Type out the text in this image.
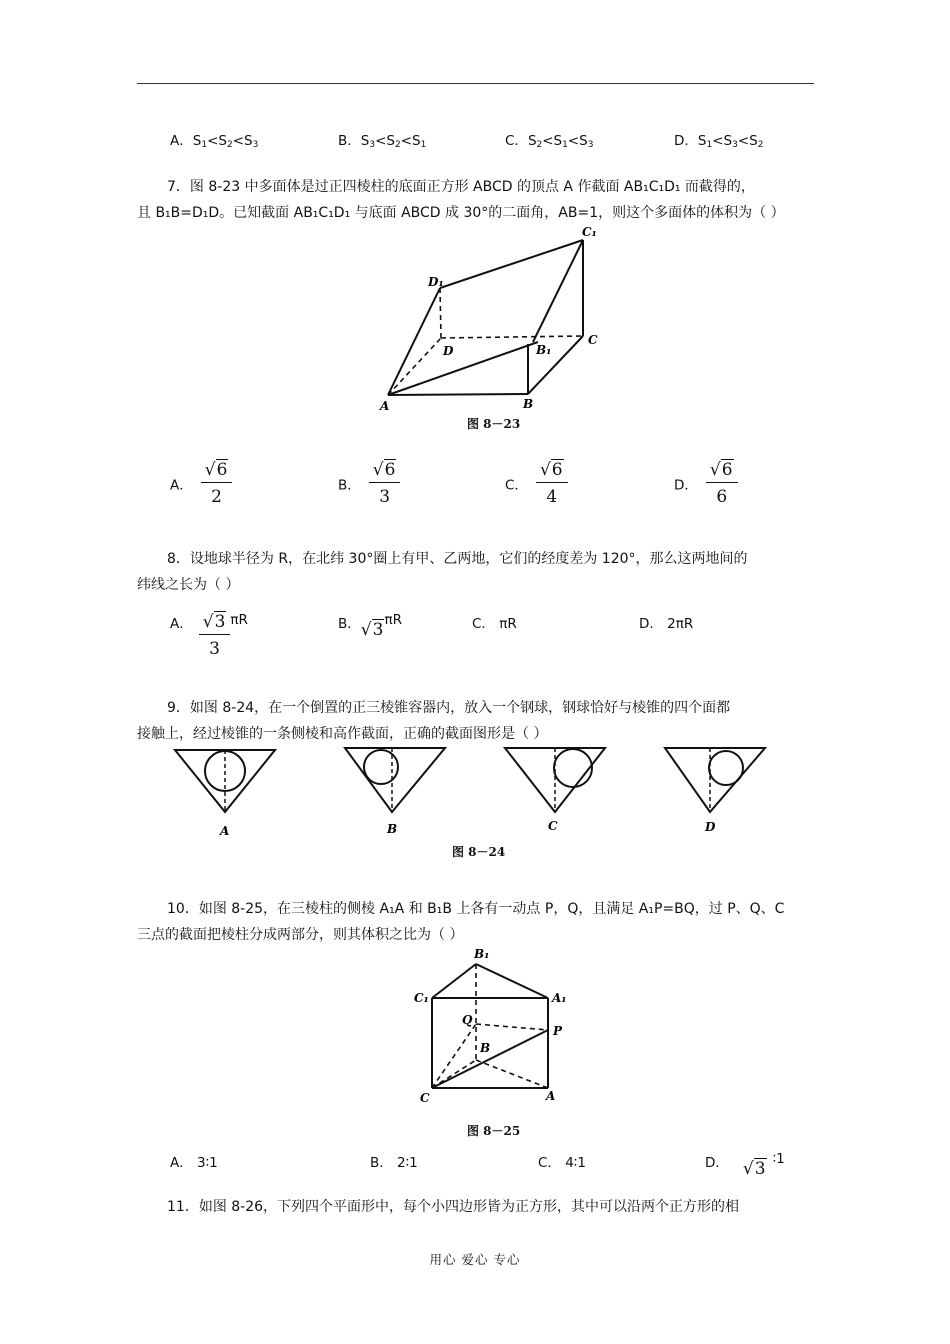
A．$S_1<S_2<S_3$	B．$S_3<S_2<S_1$	C．$S_2<S_1<S_3$	D．$S_1<S_3<S_2$
7．图 8-23 中多面体是过正四棱柱的底面正方形 ABCD 的顶点 A 作截面 AB₁C₁D₁ 而截得的，
且 B₁B=D₁D。已知截面 AB₁C₁D₁ 与底面 ABCD 成 30°的二面角，AB=1，则这个多面体的体积为（ ）
A	B
C
D	B₁
C₁
D₁
图 8－23
A． $\frac{√6}{2}$	B． $\frac{√6}{3}$	C． $\frac{√6}{4}$	D． $\frac{√6}{6}$
8．设地球半径为 R，在北纬 30°圈上有甲、乙两地，它们的经度差为 120°，那么这两地间的
纬线之长为（ ）
A． $\frac{√3}{3}$ πR	B．√3πR	C． πR	D． 2πR
9．如图 8-24，在一个倒置的正三棱锥容器内，放入一个钢球，钢球恰好与棱锥的四个面都
接触上，经过棱锥的一条侧棱和高作截面，正确的截面图形是（ ）
A	B	C	D
图 8－24
10．如图 8-25，在三棱柱的侧棱 A₁A 和 B₁B 上各有一动点 P，Q，且满足 A₁P=BQ，过 P、Q、C
三点的截面把棱柱分成两部分，则其体积之比为（ ）
B₁
C₁	A₁
Q
P
B
C	A
图 8－25
A． 3∶1	B． 2∶1	C． 4∶1	D． √3 ∶1
11．如图 8-26，下列四个平面形中，每个小四边形皆为正方形，其中可以沿两个正方形的相
用心 爱心 专心
